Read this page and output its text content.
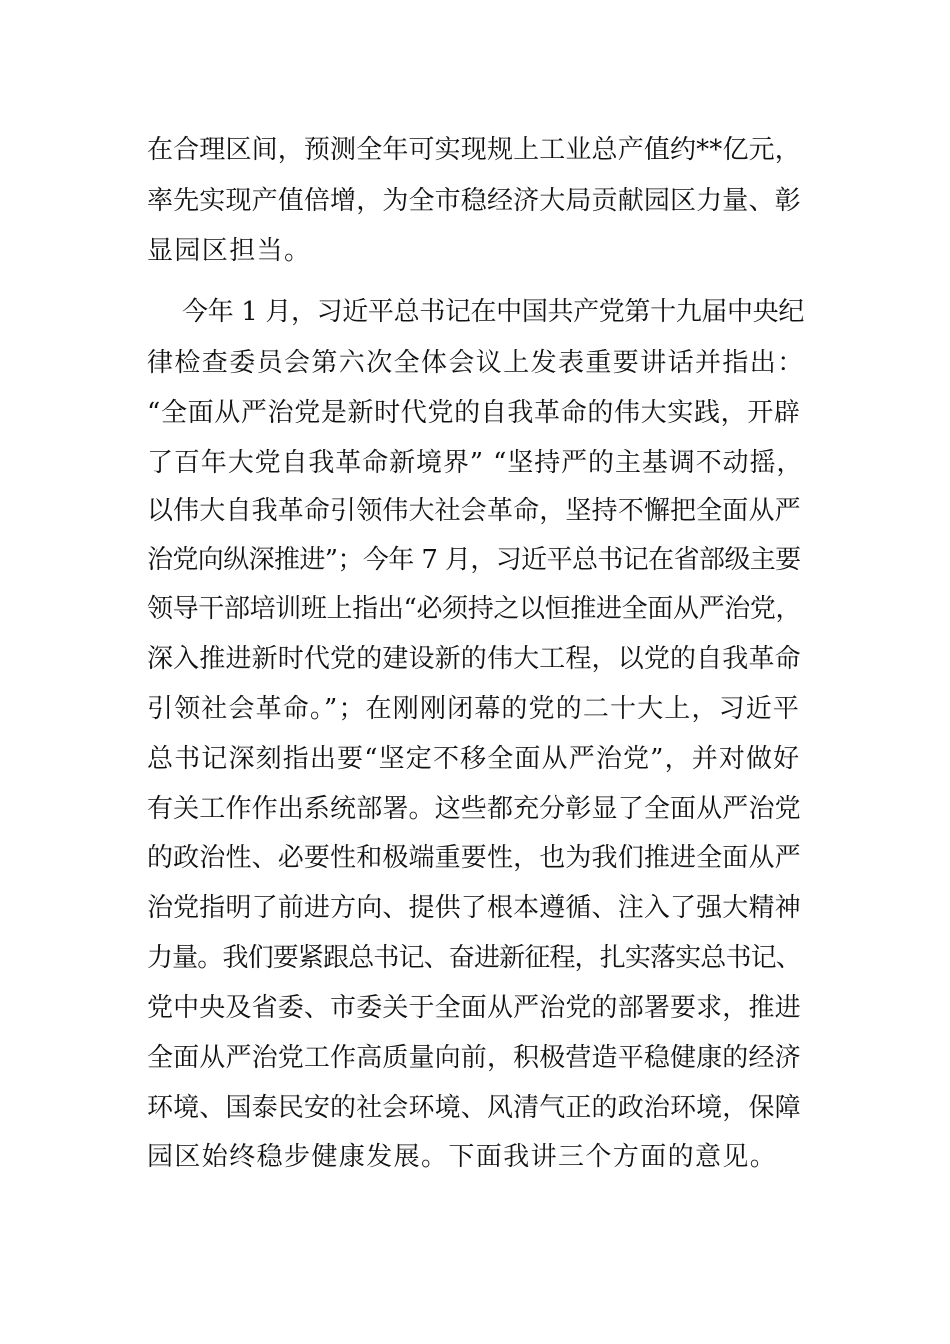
在合理区间，预测全年可实现规上工业总产值约**亿元，
率先实现产值倍增，为全市稳经济大局贡献园区力量、彰
显园区担当。
今年 1 月，习近平总书记在中国共产党第十九届中央纪
律检查委员会第六次全体会议上发表重要讲话并指出：
“全面从严治党是新时代党的自我革命的伟大实践，开辟
了百年大党自我革命新境界” “坚持严的主基调不动摇，
以伟大自我革命引领伟大社会革命，坚持不懈把全面从严
治党向纵深推进”；今年 7 月，习近平总书记在省部级主要
领导干部培训班上指出“必须持之以恒推进全面从严治党，
深入推进新时代党的建设新的伟大工程，以党的自我革命
引领社会革命。”；在刚刚闭幕的党的二十大上，习近平
总书记深刻指出要“坚定不移全面从严治党”，并对做好
有关工作作出系统部署。这些都充分彰显了全面从严治党
的政治性、必要性和极端重要性，也为我们推进全面从严
治党指明了前进方向、提供了根本遵循、注入了强大精神
力量。我们要紧跟总书记、奋进新征程，扎实落实总书记、
党中央及省委、市委关于全面从严治党的部署要求，推进
全面从严治党工作高质量向前，积极营造平稳健康的经济
环境、国泰民安的社会环境、风清气正的政治环境，保障
园区始终稳步健康发展。下面我讲三个方面的意见。
